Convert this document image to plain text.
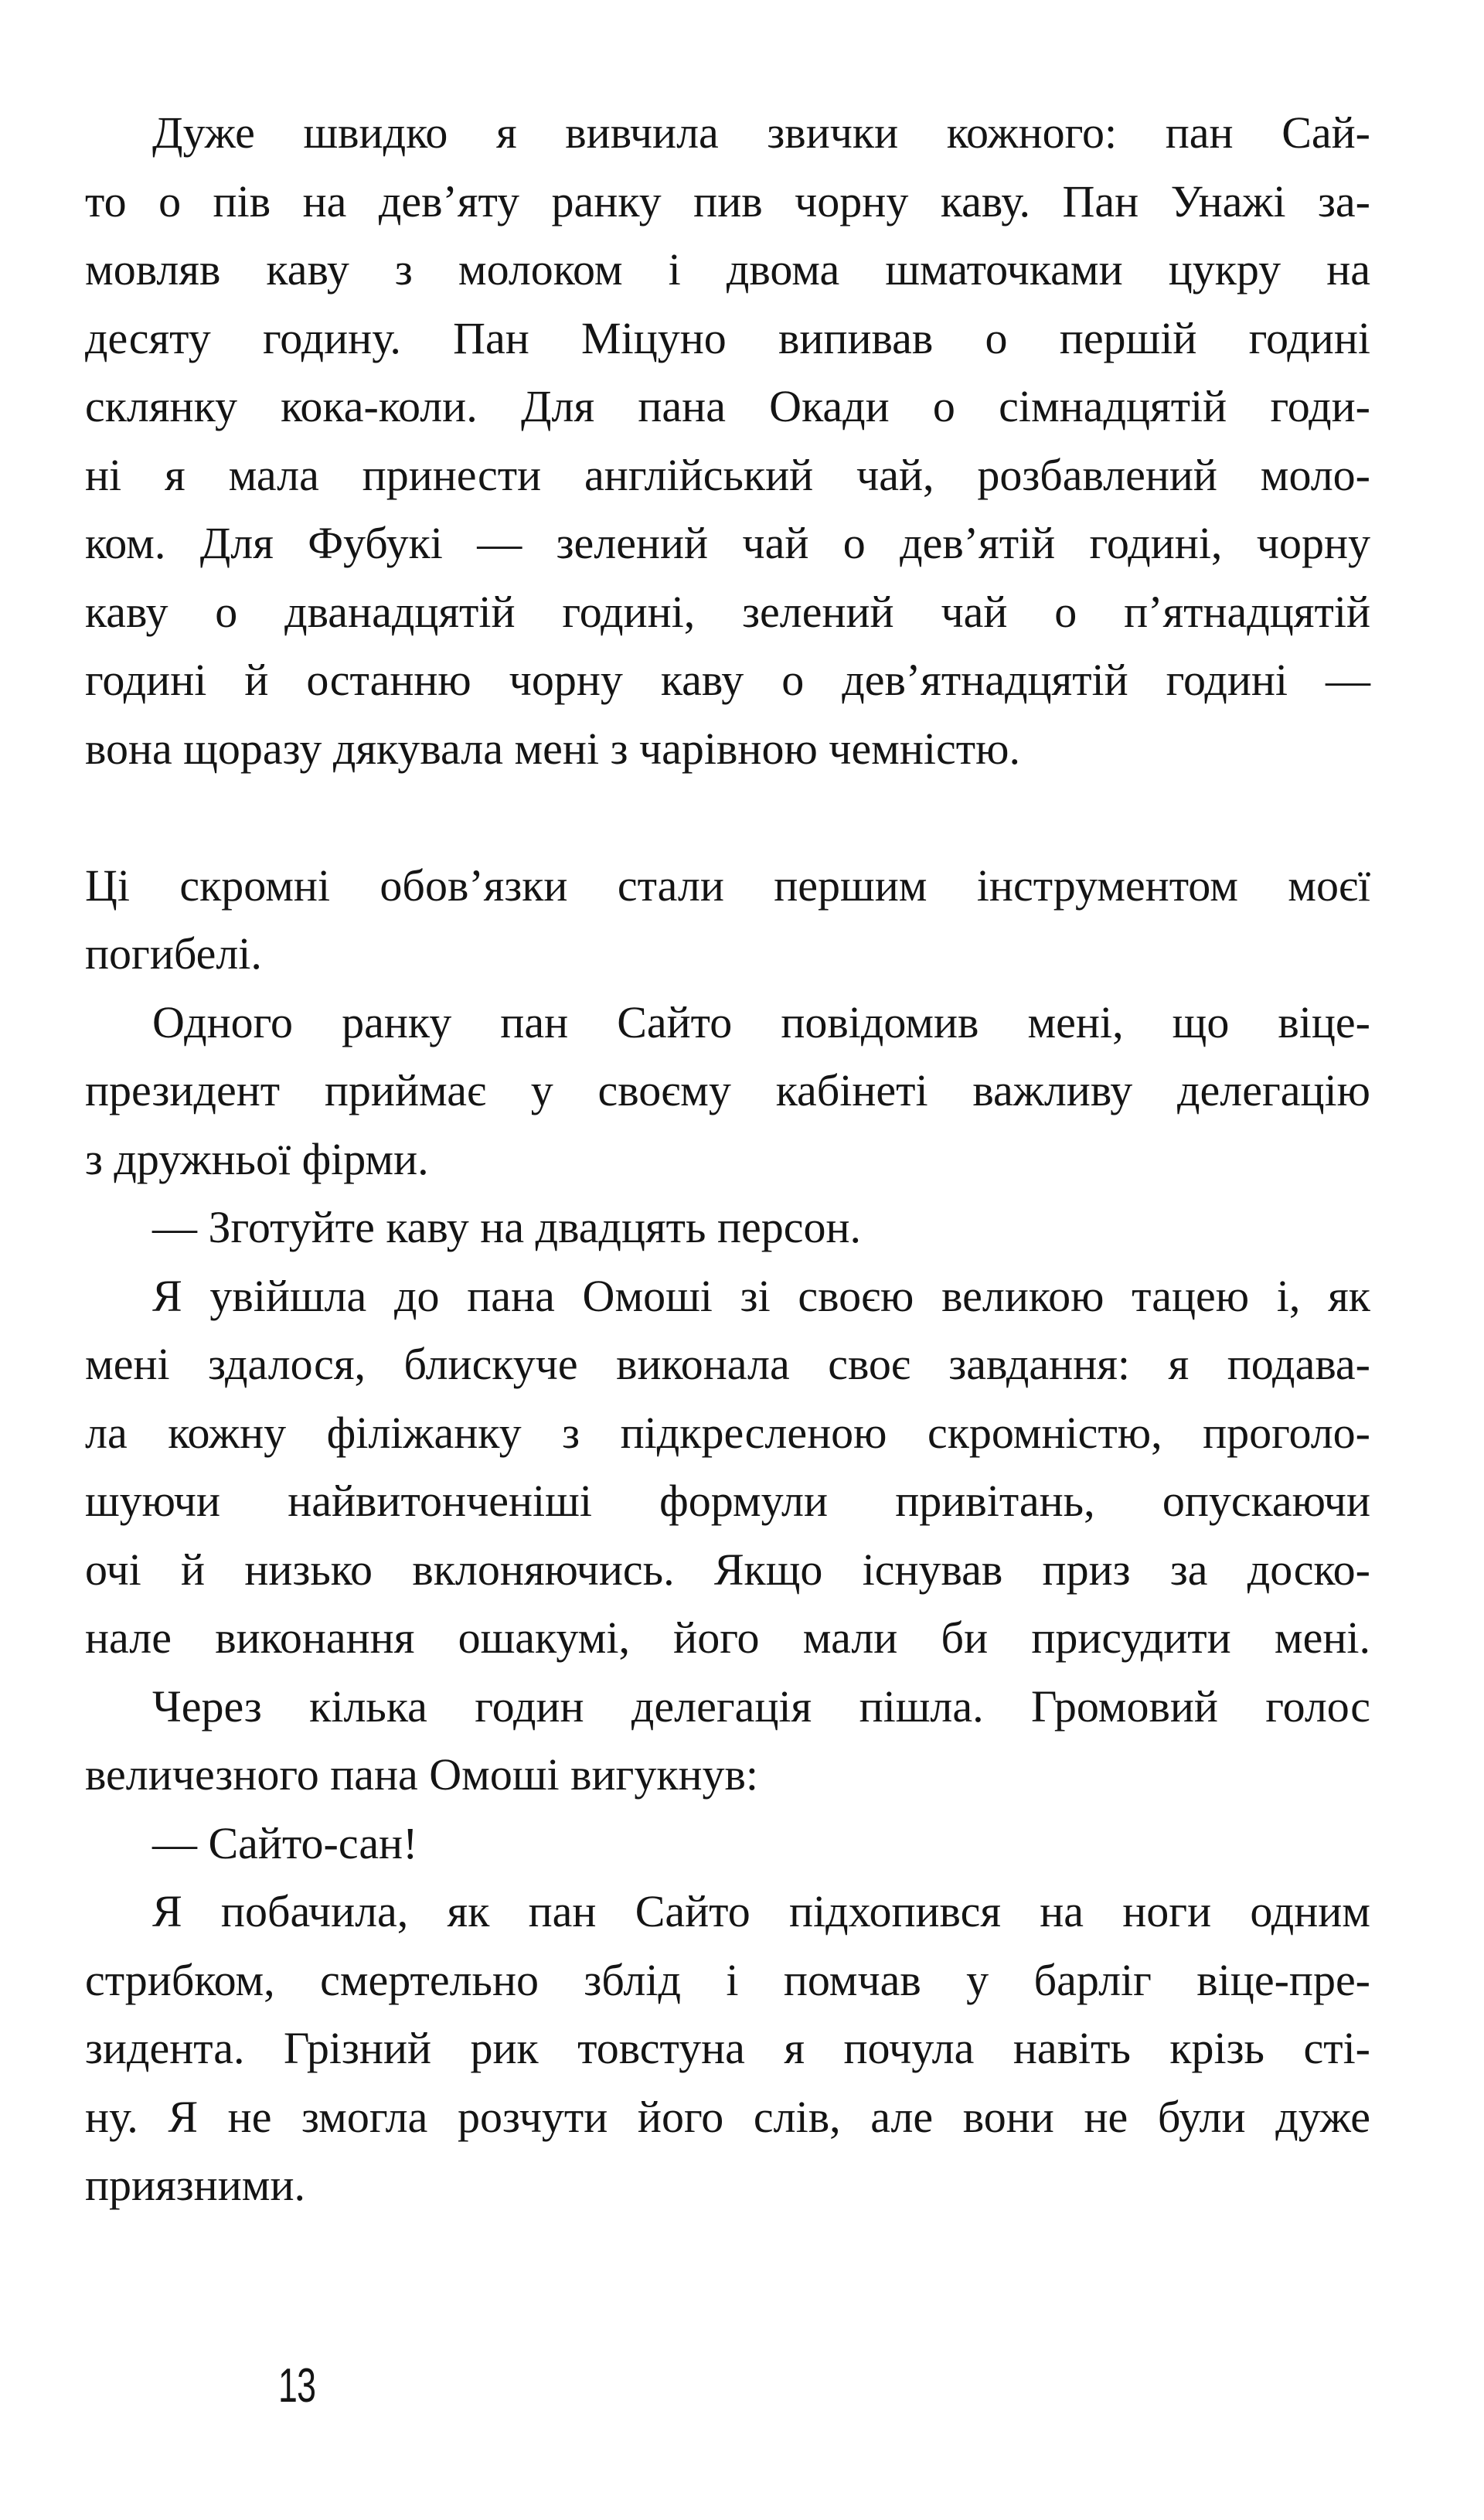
Дуже швидко я вивчила звички кожного: пан Сай-
то о пів на дев’яту ранку пив чорну каву. Пан Унажі за-
мовляв каву з молоком і двома шматочками цукру на
десяту годину. Пан Міцуно випивав о першій годині
склянку кока-коли. Для пана Окади о сімнадцятій годи-
ні я мала принести англійський чай, розбавлений моло-
ком. Для Фубукі — зелений чай о дев’ятій годині, чорну
каву о дванадцятій годині, зелений чай о п’ятнадцятій
годині й останню чорну каву о дев’ятнадцятій годині —
вона щоразу дякувала мені з чарівною чемністю.
Ці скромні обов’язки стали першим інструментом моєї
погибелі.
Одного ранку пан Сайто повідомив мені, що віце-
президент приймає у своєму кабінеті важливу делегацію
з дружньої фірми.
— Зготуйте каву на двадцять персон.
Я увійшла до пана Омоші зі своєю великою тацею і, як
мені здалося, блискуче виконала своє завдання: я подава-
ла кожну філіжанку з підкресленою скромністю, проголо-
шуючи найвитонченіші формули привітань, опускаючи
очі й низько вклоняючись. Якщо існував приз за доско-
нале виконання ошакумі, його мали би присудити мені.
Через кілька годин делегація пішла. Громовий голос
величезного пана Омоші вигукнув:
— Сайто-сан!
Я побачила, як пан Сайто підхопився на ноги одним
стрибком, смертельно зблід і помчав у барліг віце-пре-
зидента. Грізний рик товстуна я почула навіть крізь сті-
ну. Я не змогла розчути його слів, але вони не були дуже
приязними.
13
